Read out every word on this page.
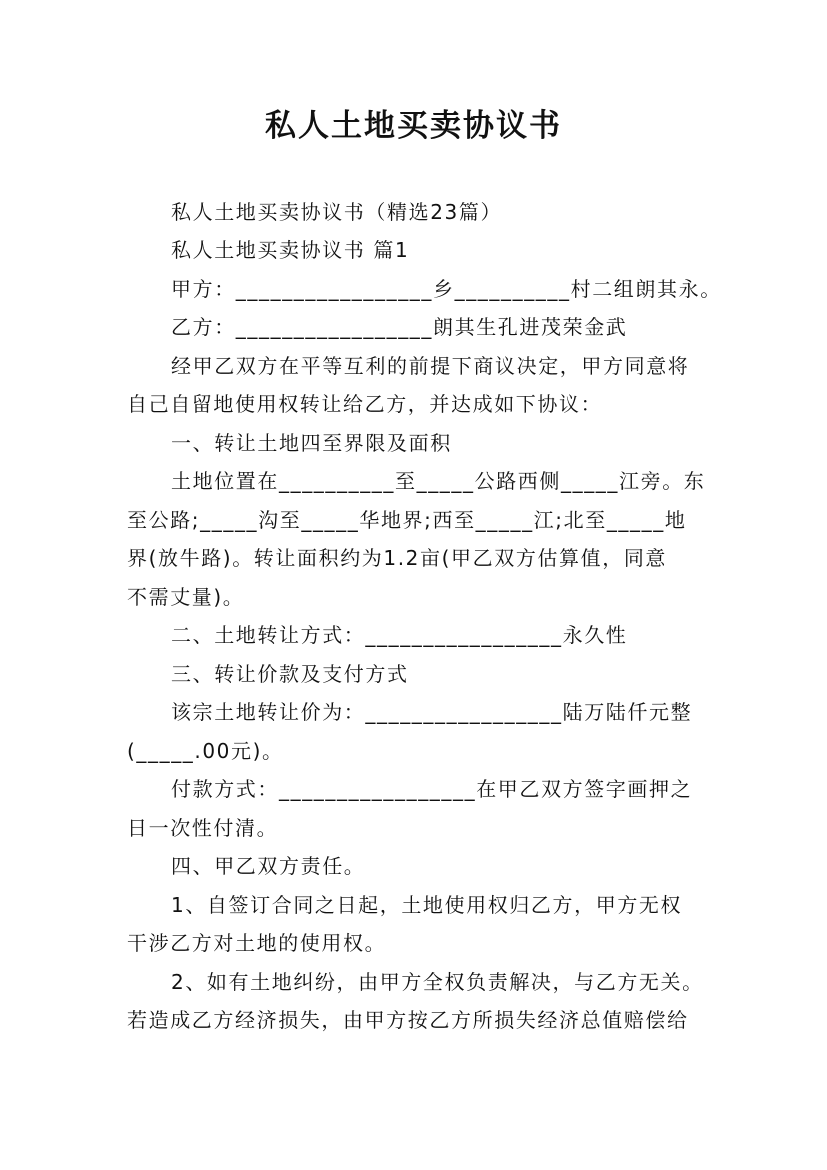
私人土地买卖协议书
私人土地买卖协议书（精选23篇）
私人土地买卖协议书 篇1
甲方：_________________乡__________村二组朗其永。
乙方：_________________朗其生孔进茂荣金武
经甲乙双方在平等互利的前提下商议决定，甲方同意将
自己自留地使用权转让给乙方，并达成如下协议：
一、转让土地四至界限及面积
土地位置在__________至_____公路西侧_____江旁。东
至公路;_____沟至_____华地界;西至_____江;北至_____地
界(放牛路)。转让面积约为1.2亩(甲乙双方估算值，同意
不需丈量)。
二、土地转让方式：_________________永久性
三、转让价款及支付方式
该宗土地转让价为：_________________陆万陆仟元整
(_____.00元)。
付款方式：_________________在甲乙双方签字画押之
日一次性付清。
四、甲乙双方责任。
1、自签订合同之日起，土地使用权归乙方，甲方无权
干涉乙方对土地的使用权。
2、如有土地纠纷，由甲方全权负责解决，与乙方无关。
若造成乙方经济损失，由甲方按乙方所损失经济总值赔偿给
